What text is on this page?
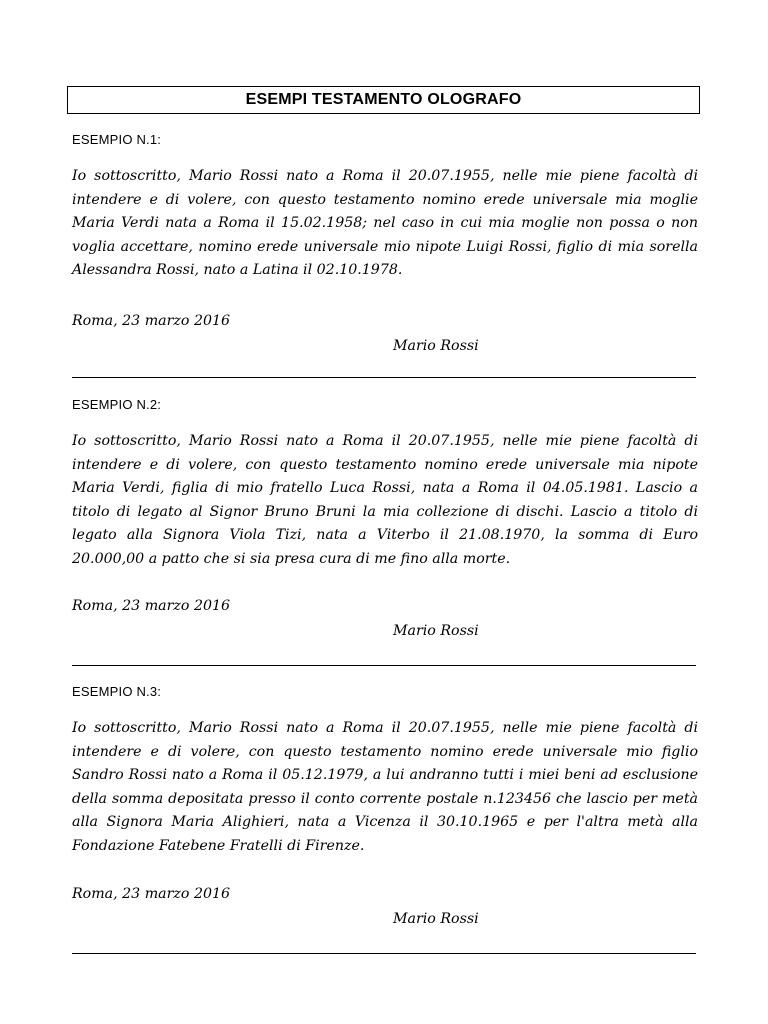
ESEMPI TESTAMENTO OLOGRAFO

ESEMPIO N.1:

Io sottoscritto, Mario Rossi nato a Roma il 20.07.1955, nelle mie piene facoltà di intendere e di volere, con questo testamento nomino erede universale mia moglie Maria Verdi nata a Roma il 15.02.1958; nel caso in cui mia moglie non possa o non voglia accettare, nomino erede universale mio nipote Luigi Rossi, figlio di mia sorella Alessandra Rossi, nato a Latina il 02.10.1978.

Roma, 23 marzo 2016

Mario Rossi

ESEMPIO N.2:

Io sottoscritto, Mario Rossi nato a Roma il 20.07.1955, nelle mie piene facoltà di intendere e di volere, con questo testamento nomino erede universale mia nipote Maria Verdi, figlia di mio fratello Luca Rossi, nata a Roma il 04.05.1981. Lascio a titolo di legato al Signor Bruno Bruni la mia collezione di dischi. Lascio a titolo di legato alla Signora Viola Tizi, nata a Viterbo il 21.08.1970, la somma di Euro 20.000,00 a patto che si sia presa cura di me fino alla morte.

Roma, 23 marzo 2016

Mario Rossi

ESEMPIO N.3:

Io sottoscritto, Mario Rossi nato a Roma il 20.07.1955, nelle mie piene facoltà di intendere e di volere, con questo testamento nomino erede universale mio figlio Sandro Rossi nato a Roma il 05.12.1979, a lui andranno tutti i miei beni ad esclusione della somma depositata presso il conto corrente postale n.123456 che lascio per metà alla Signora Maria Alighieri, nata a Vicenza il 30.10.1965 e per l'altra metà alla Fondazione Fatebene Fratelli di Firenze.

Roma, 23 marzo 2016

Mario Rossi
